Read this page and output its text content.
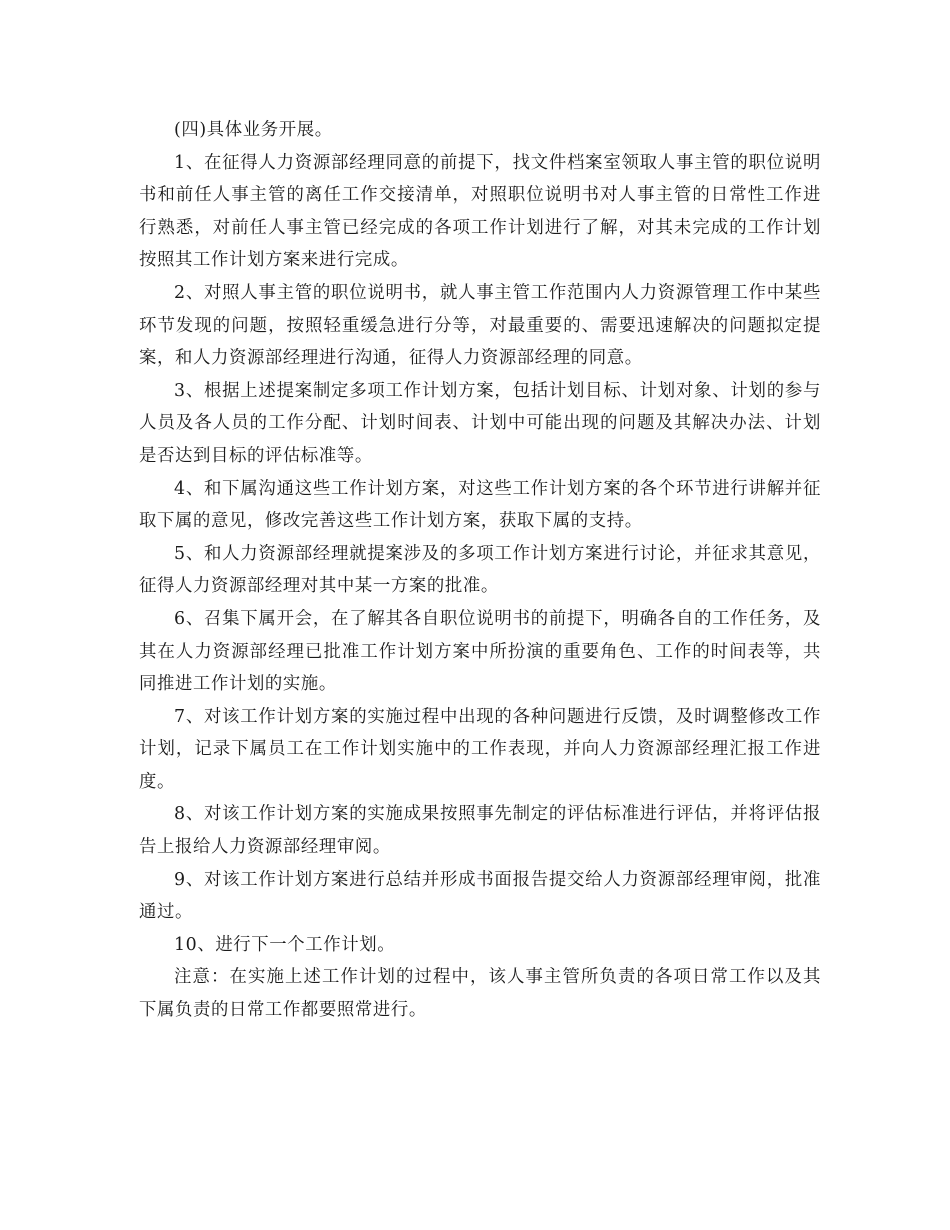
(四)具体业务开展。

1、在征得人力资源部经理同意的前提下，找文件档案室领取人事主管的职位说明书和前任人事主管的离任工作交接清单，对照职位说明书对人事主管的日常性工作进行熟悉，对前任人事主管已经完成的各项工作计划进行了解，对其未完成的工作计划按照其工作计划方案来进行完成。

2、对照人事主管的职位说明书，就人事主管工作范围内人力资源管理工作中某些环节发现的问题，按照轻重缓急进行分等，对最重要的、需要迅速解决的问题拟定提案，和人力资源部经理进行沟通，征得人力资源部经理的同意。

3、根据上述提案制定多项工作计划方案，包括计划目标、计划对象、计划的参与人员及各人员的工作分配、计划时间表、计划中可能出现的问题及其解决办法、计划是否达到目标的评估标准等。

4、和下属沟通这些工作计划方案，对这些工作计划方案的各个环节进行讲解并征取下属的意见，修改完善这些工作计划方案，获取下属的支持。

5、和人力资源部经理就提案涉及的多项工作计划方案进行讨论，并征求其意见，征得人力资源部经理对其中某一方案的批准。

6、召集下属开会，在了解其各自职位说明书的前提下，明确各自的工作任务，及其在人力资源部经理已批准工作计划方案中所扮演的重要角色、工作的时间表等，共同推进工作计划的实施。

7、对该工作计划方案的实施过程中出现的各种问题进行反馈，及时调整修改工作计划，记录下属员工在工作计划实施中的工作表现，并向人力资源部经理汇报工作进度。

8、对该工作计划方案的实施成果按照事先制定的评估标准进行评估，并将评估报告上报给人力资源部经理审阅。

9、对该工作计划方案进行总结并形成书面报告提交给人力资源部经理审阅，批准通过。

10、进行下一个工作计划。

注意：在实施上述工作计划的过程中，该人事主管所负责的各项日常工作以及其下属负责的日常工作都要照常进行。
